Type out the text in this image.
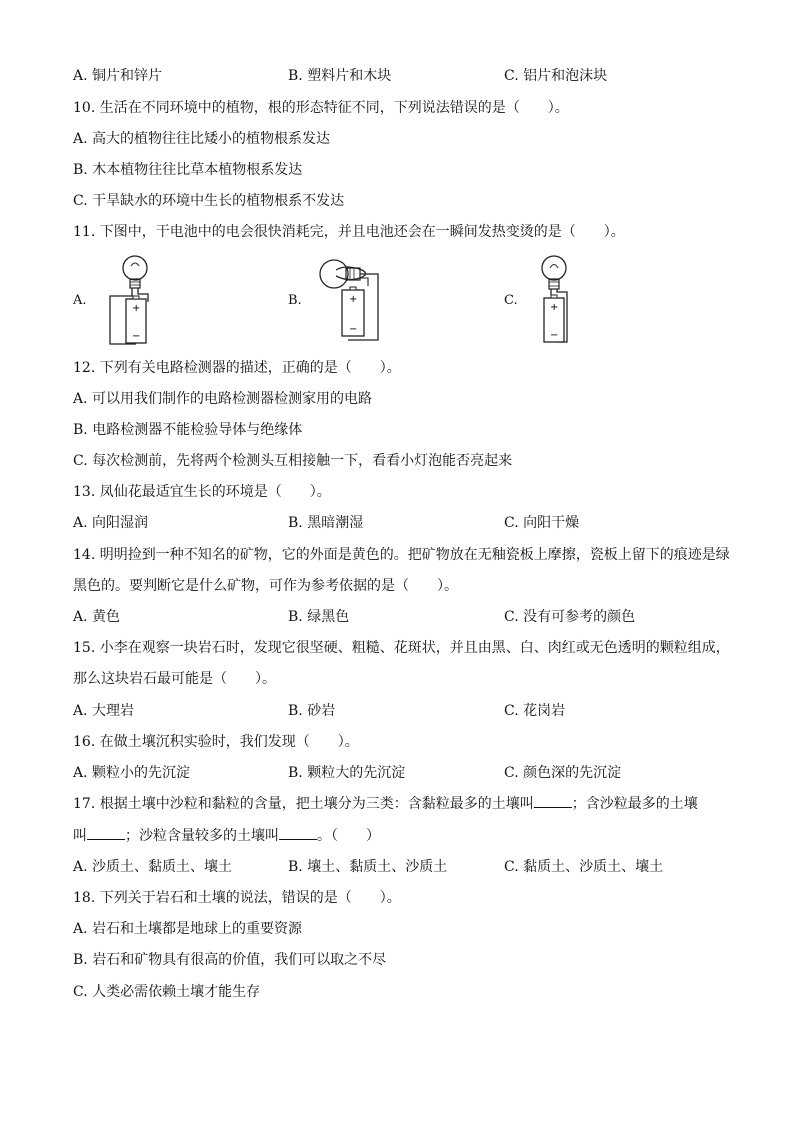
A. 铜片和锌片	B. 塑料片和木块	C. 铝片和泡沫块
10. 生活在不同环境中的植物，根的形态特征不同，下列说法错误的是（　　）。
A. 高大的植物往往比矮小的植物根系发达
B. 木本植物往往比草本植物根系发达
C. 干旱缺水的环境中生长的植物根系不发达
11. 下图中，干电池中的电会很快消耗完，并且电池还会在一瞬间发热变烫的是（　　）。
A.
+
−
B.	+
−
C.	+
−
12. 下列有关电路检测器的描述，正确的是（　　）。
A. 可以用我们制作的电路检测器检测家用的电路
B. 电路检测器不能检验导体与绝缘体
C. 每次检测前，先将两个检测头互相接触一下，看看小灯泡能否亮起来
13. 凤仙花最适宜生长的环境是（　　）。
A. 向阳湿润	B. 黑暗潮湿	C. 向阳干燥
14. 明明捡到一种不知名的矿物，它的外面是黄色的。把矿物放在无釉瓷板上摩擦，瓷板上留下的痕迹是绿
黑色的。要判断它是什么矿物，可作为参考依据的是（　　）。
A. 黄色	B. 绿黑色	C. 没有可参考的颜色
15. 小李在观察一块岩石时，发现它很坚硬、粗糙、花斑状，并且由黑、白、肉红或无色透明的颗粒组成，
那么这块岩石最可能是（　　）。
A. 大理岩	B. 砂岩	C. 花岗岩
16. 在做土壤沉积实验时，我们发现（　　）。
A. 颗粒小的先沉淀	B. 颗粒大的先沉淀	C. 颜色深的先沉淀
17. 根据土壤中沙粒和黏粒的含量，把土壤分为三类：含黏粒最多的土壤叫	；含沙粒最多的土壤
叫	；沙粒含量较多的土壤叫	。（　　）
A. 沙质土、黏质土、壤土	B. 壤土、黏质土、沙质土	C. 黏质土、沙质土、壤土
18. 下列关于岩石和土壤的说法，错误的是（　　）。
A. 岩石和土壤都是地球上的重要资源
B. 岩石和矿物具有很高的价值，我们可以取之不尽
C. 人类必需依赖土壤才能生存
